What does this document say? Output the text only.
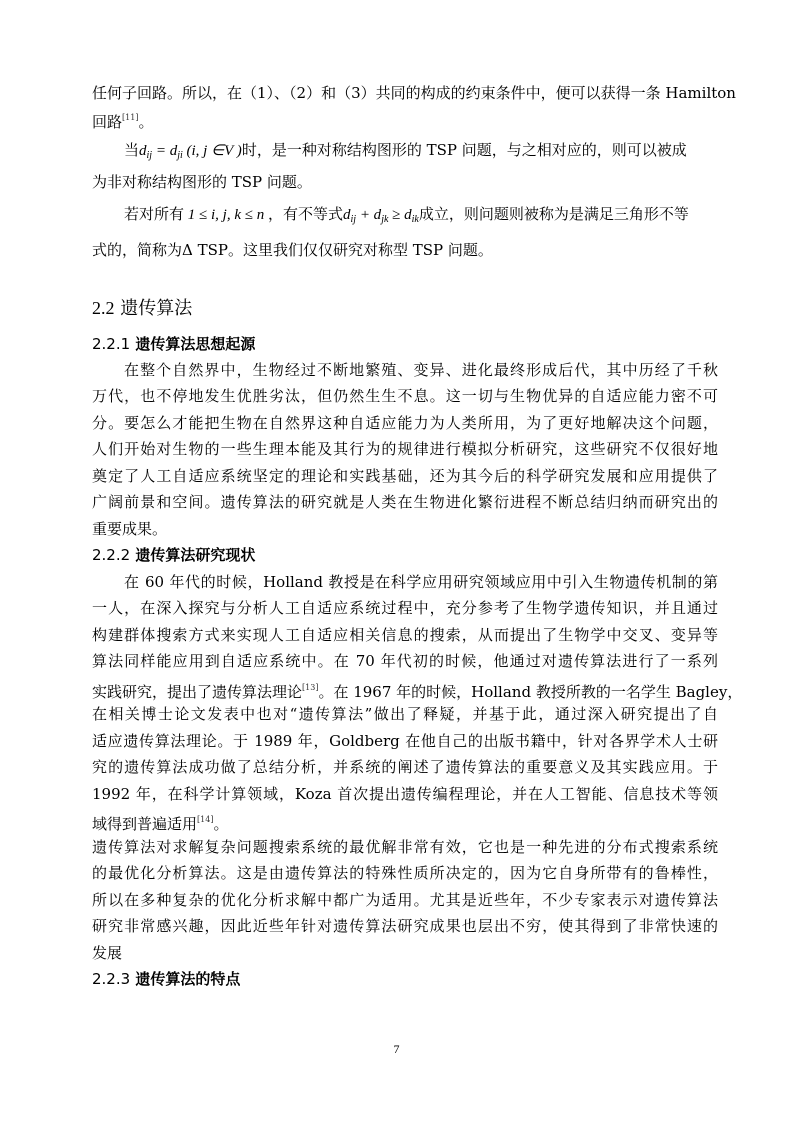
任何子回路。所以，在（1）、（2）和（3）共同的构成的约束条件中，便可以获得一条 Hamilton
回路[11]。
当$d_{ij} = d_{ji}$ (i, j ∈V )时，是一种对称结构图形的 TSP 问题，与之相对应的，则可以被成
为非对称结构图形的 TSP 问题。
若对所有 1 ≤ i, j, k ≤ n ，有不等式$d_{ij} + d_{jk} \ge d_{ik}$成立，则问题则被称为是满足三角形不等
式的，简称为Δ TSP。这里我们仅仅研究对称型 TSP 问题。
2.2 遗传算法
2.2.1 遗传算法思想起源
在整个自然界中，生物经过不断地繁殖、变异、进化最终形成后代，其中历经了千秋
万代，也不停地发生优胜劣汰，但仍然生生不息。这一切与生物优异的自适应能力密不可
分。要怎么才能把生物在自然界这种自适应能力为人类所用，为了更好地解决这个问题，
人们开始对生物的一些生理本能及其行为的规律进行模拟分析研究，这些研究不仅很好地
奠定了人工自适应系统坚定的理论和实践基础，还为其今后的科学研究发展和应用提供了
广阔前景和空间。遗传算法的研究就是人类在生物进化繁衍进程不断总结归纳而研究出的
重要成果。
2.2.2 遗传算法研究现状
在 60 年代的时候，Holland 教授是在科学应用研究领域应用中引入生物遗传机制的第
一人，在深入探究与分析人工自适应系统过程中，充分参考了生物学遗传知识，并且通过
构建群体搜索方式来实现人工自适应相关信息的搜索，从而提出了生物学中交叉、变异等
算法同样能应用到自适应系统中。在 70 年代初的时候，他通过对遗传算法进行了一系列
实践研究，提出了遗传算法理论[13]。在 1967 年的时候，Holland 教授所教的一名学生 Bagley，
在相关博士论文发表中也对“遗传算法”做出了释疑，并基于此，通过深入研究提出了自
适应遗传算法理论。于 1989 年，Goldberg 在他自己的出版书籍中，针对各界学术人士研
究的遗传算法成功做了总结分析，并系统的阐述了遗传算法的重要意义及其实践应用。于
1992 年，在科学计算领域，Koza 首次提出遗传编程理论，并在人工智能、信息技术等领
域得到普遍适用[14]。
遗传算法对求解复杂问题搜索系统的最优解非常有效，它也是一种先进的分布式搜索系统
的最优化分析算法。这是由遗传算法的特殊性质所决定的，因为它自身所带有的鲁棒性，
所以在多种复杂的优化分析求解中都广为适用。尤其是近些年，不少专家表示对遗传算法
研究非常感兴趣，因此近些年针对遗传算法研究成果也层出不穷，使其得到了非常快速的
发展
2.2.3 遗传算法的特点
7
